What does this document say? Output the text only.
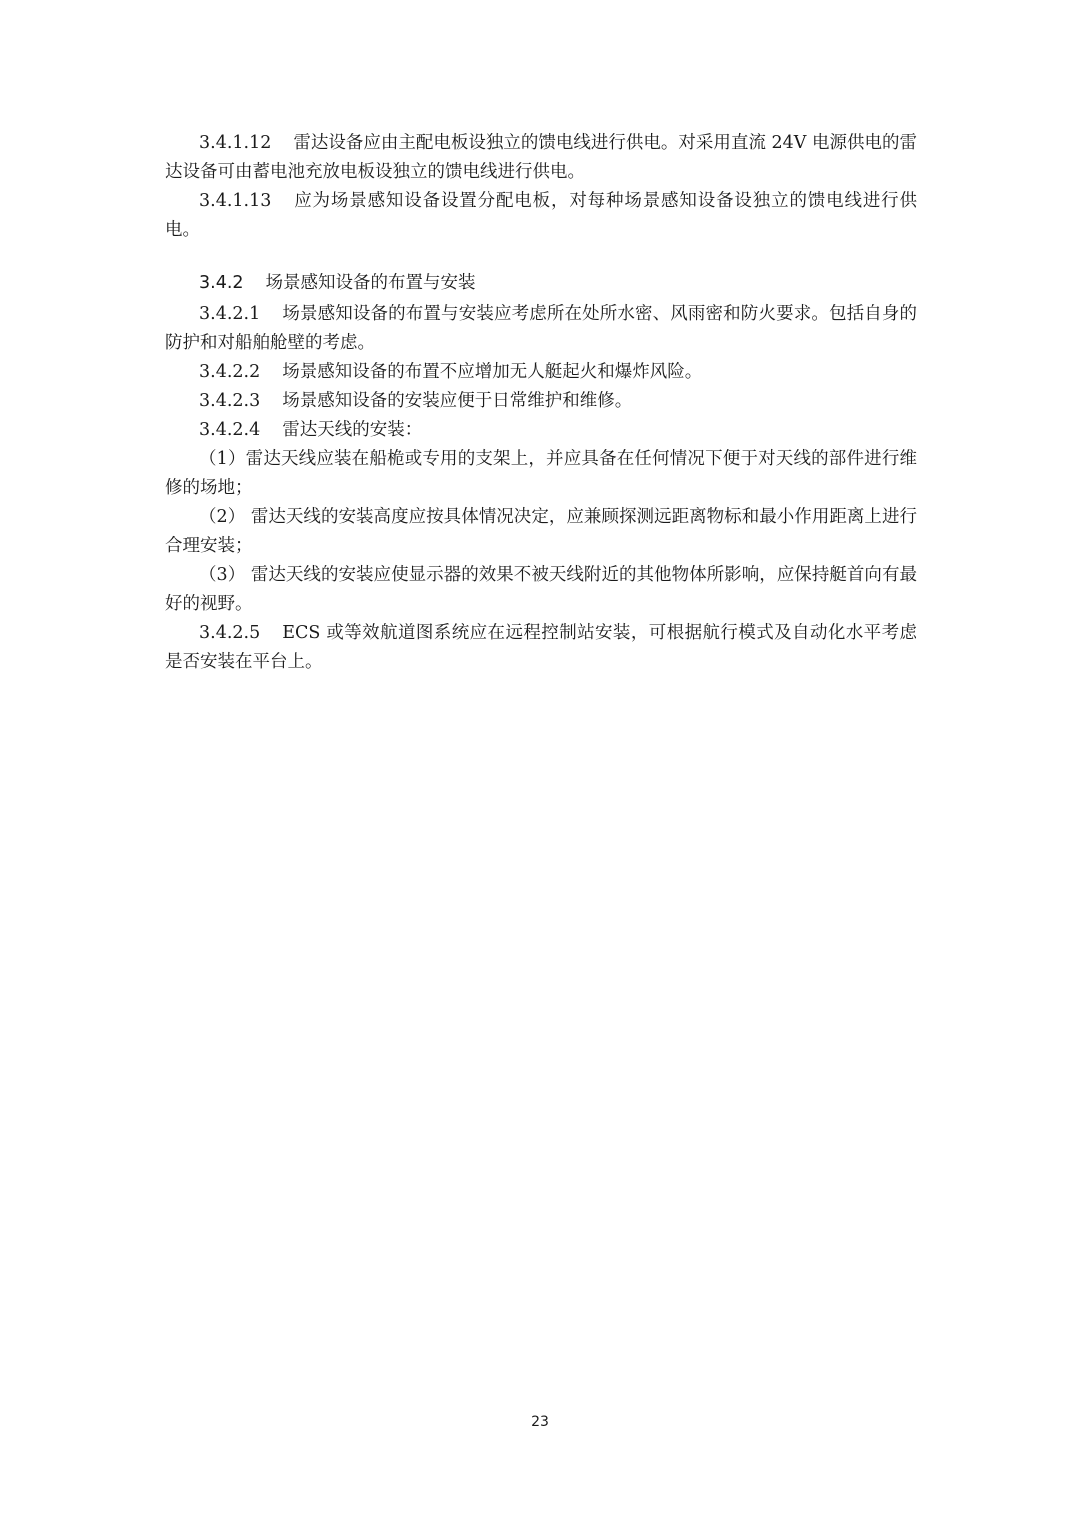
3.4.1.12 雷达设备应由主配电板设独立的馈电线进行供电。对采用直流 24V 电源供电的雷达设备可由蓄电池充放电板设独立的馈电线进行供电。

3.4.1.13 应为场景感知设备设置分配电板，对每种场景感知设备设独立的馈电线进行供电。

3.4.2 场景感知设备的布置与安装

3.4.2.1 场景感知设备的布置与安装应考虑所在处所水密、风雨密和防火要求。包括自身的防护和对船舶舱壁的考虑。

3.4.2.2 场景感知设备的布置不应增加无人艇起火和爆炸风险。

3.4.2.3 场景感知设备的安装应便于日常维护和维修。

3.4.2.4 雷达天线的安装：

（1）雷达天线应装在船桅或专用的支架上，并应具备在任何情况下便于对天线的部件进行维修的场地；

（2） 雷达天线的安装高度应按具体情况决定，应兼顾探测远距离物标和最小作用距离上进行合理安装；

（3） 雷达天线的安装应使显示器的效果不被天线附近的其他物体所影响，应保持艇首向有最好的视野。

3.4.2.5 ECS 或等效航道图系统应在远程控制站安装，可根据航行模式及自动化水平考虑是否安装在平台上。

23
